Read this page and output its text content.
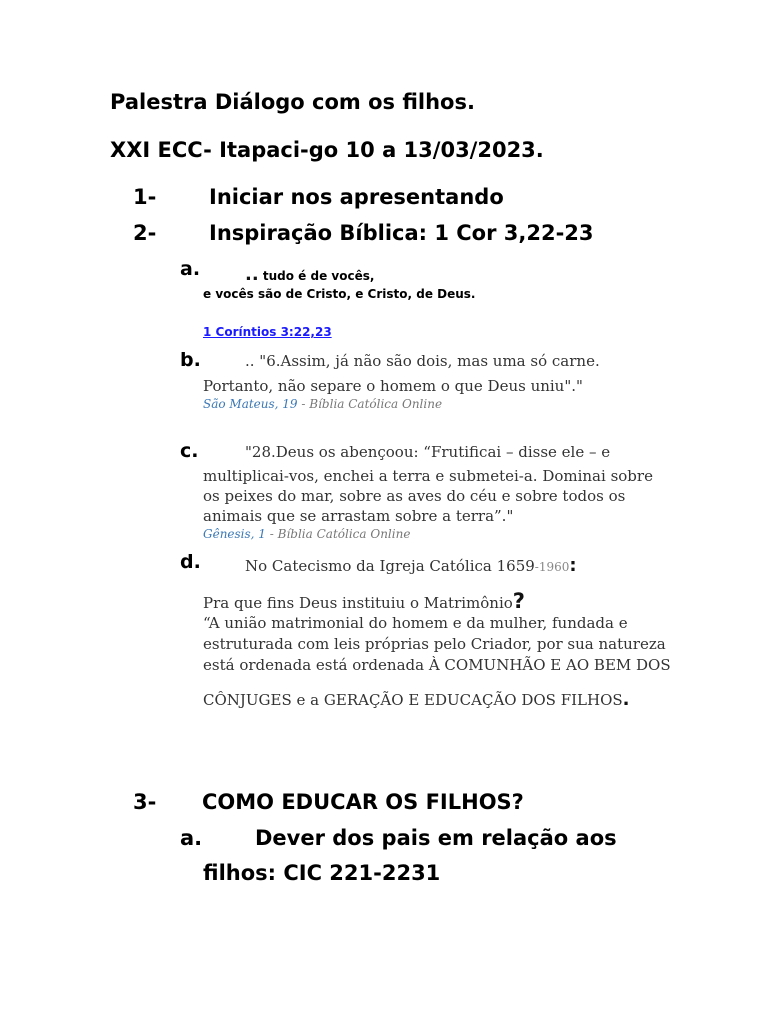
Palestra Diálogo com os filhos.
XXI ECC- Itapaci-go 10 a 13/03/2023.
1-	Iniciar nos apresentando
2-	Inspiração Bíblica: 1 Cor 3,22-23
a. .. tudo é de vocês,
e vocês são de Cristo, e Cristo, de Deus.
1 Coríntios 3:22,23
b.	.. "6.Assim, já não são dois, mas uma só carne.
Portanto, não separe o homem o que Deus uniu"."
São Mateus, 19 - Bíblia Católica Online
c.	"28.Deus os abençoou: “Frutificai – disse ele – e
multiplicai-vos, enchei a terra e submetei-a. Dominai sobre
os peixes do mar, sobre as aves do céu e sobre todos os
animais que se arrastam sobre a terra”."
Gênesis, 1 - Bíblia Católica Online
d.	No Catecismo da Igreja Católica 1659-1960:
Pra que fins Deus instituiu o Matrimônio?
“A união matrimonial do homem e da mulher, fundada e
estruturada com leis próprias pelo Criador, por sua natureza
está ordenada está ordenada À COMUNHÃO E AO BEM DOS
CÔNJUGES e a GERAÇÃO E EDUCAÇÃO DOS FILHOS.
3- COMO EDUCAR OS FILHOS?
a.	Dever dos pais em relação aos
filhos: CIC 221-2231
